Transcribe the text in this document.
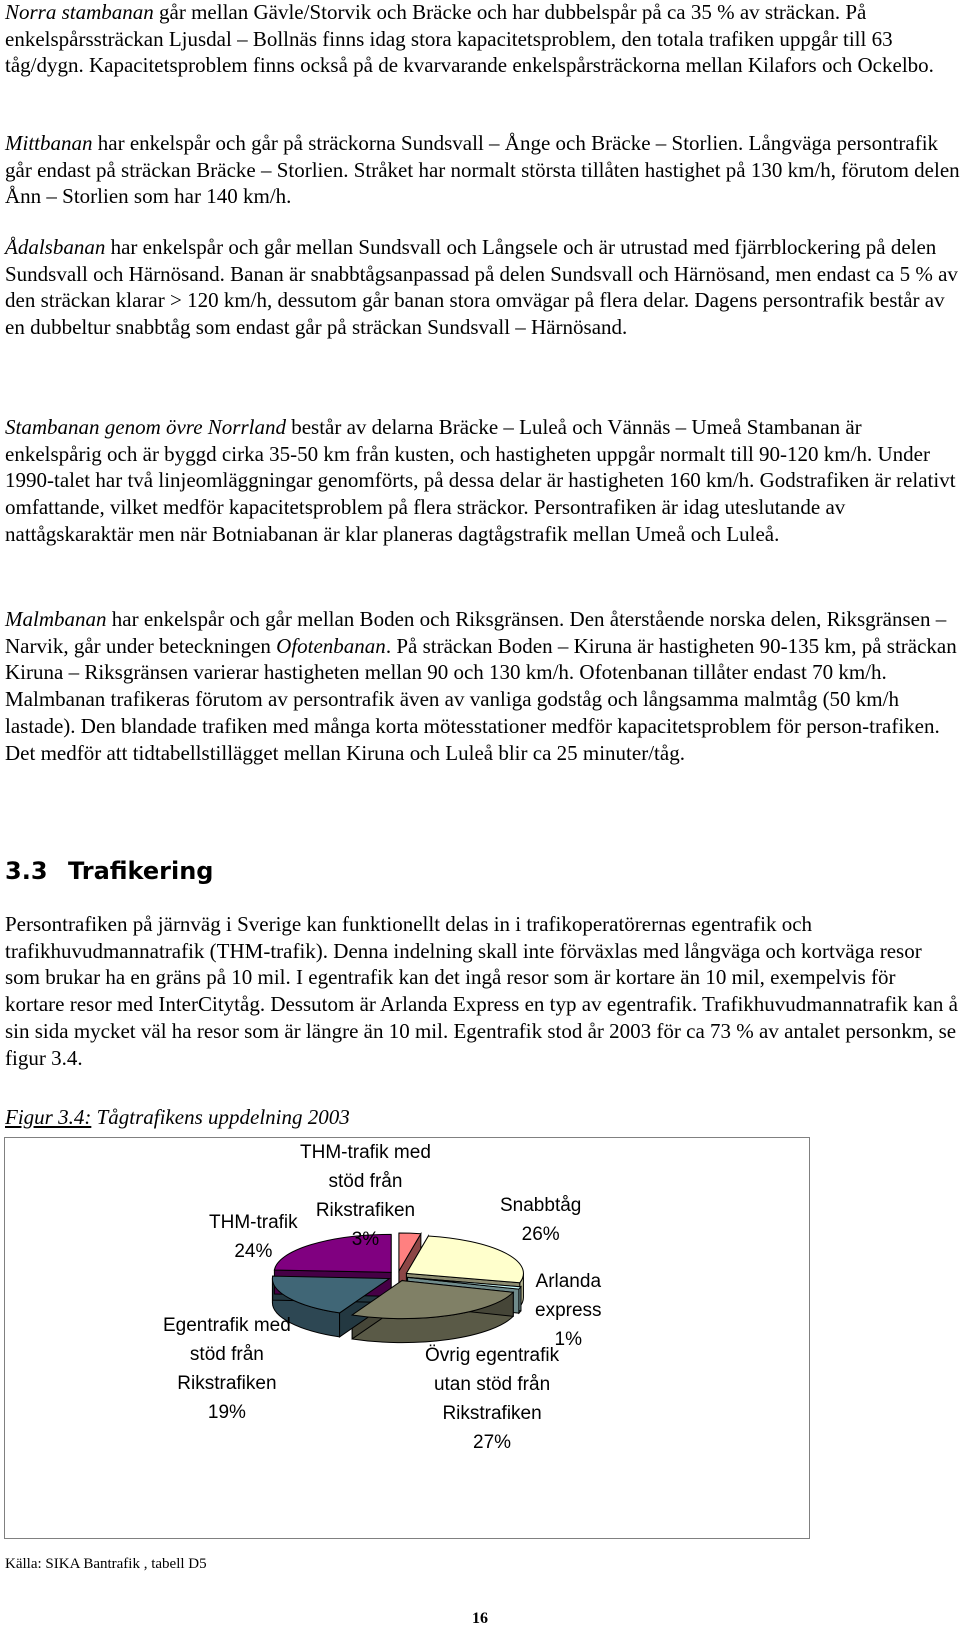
Norra stambanan går mellan Gävle/Storvik och Bräcke och har dubbelspår på ca 35 % av sträckan. På enkelspårssträckan Ljusdal – Bollnäs finns idag stora kapacitetsproblem, den totala trafiken uppgår till 63 tåg/dygn. Kapacitetsproblem finns också på de kvarvarande enkelspårsträckorna mellan Kilafors och Ockelbo.

Mittbanan har enkelspår och går på sträckorna Sundsvall – Ånge och Bräcke – Storlien. Långväga persontrafik går endast på sträckan Bräcke – Storlien. Stråket har normalt största tillåten hastighet på 130 km/h, förutom delen Ånn – Storlien som har 140 km/h.

Ådalsbanan har enkelspår och går mellan Sundsvall och Långsele och är utrustad med fjärrblockering på delen Sundsvall och Härnösand. Banan är snabbtågsanpassad på delen Sundsvall och Härnösand, men endast ca 5 % av den sträckan klarar > 120 km/h, dessutom går banan stora omvägar på flera delar. Dagens persontrafik består av en dubbeltur snabbtåg som endast går på sträckan Sundsvall – Härnösand.

Stambanan genom övre Norrland består av delarna Bräcke – Luleå och Vännäs – Umeå Stambanan är enkelspårig och är byggd cirka 35-50 km från kusten, och hastigheten uppgår normalt till 90-120 km/h. Under 1990-talet har två linjeomläggningar genomförts, på dessa delar är hastigheten 160 km/h. Godstrafiken är relativt omfattande, vilket medför kapacitetsproblem på flera sträckor. Persontrafiken är idag uteslutande av nattågskaraktär men när Botniabanan är klar planeras dagtågstrafik mellan Umeå och Luleå.

Malmbanan har enkelspår och går mellan Boden och Riksgränsen. Den återstående norska delen, Riksgränsen – Narvik, går under beteckningen Ofotenbanan. På sträckan Boden – Kiruna är hastigheten 90-135 km, på sträckan Kiruna – Riksgränsen varierar hastigheten mellan 90 och 130 km/h. Ofotenbanan tillåter endast 70 km/h. Malmbanan trafikeras förutom av persontrafik även av vanliga godståg och långsamma malmtåg (50 km/h lastade). Den blandade trafiken med många korta mötesstationer medför kapacitetsproblem för person-trafiken. Det medför att tidtabellstillägget mellan Kiruna och Luleå blir ca 25 minuter/tåg.

3.3 Trafikering

Persontrafiken på järnväg i Sverige kan funktionellt delas in i trafikoperatörernas egentrafik och trafikhuvudmannatrafik (THM-trafik). Denna indelning skall inte förväxlas med långväga och kortväga resor som brukar ha en gräns på 10 mil. I egentrafik kan det ingå resor som är kortare än 10 mil, exempelvis för kortare resor med InterCitytåg. Dessutom är Arlanda Express en typ av egentrafik. Trafikhuvudmannatrafik kan å sin sida mycket väl ha resor som är längre än 10 mil. Egentrafik stod år 2003 för ca 73 % av antalet personkm, se figur 3.4.

Figur 3.4: Tågtrafikens uppdelning 2003
THM-trafik med
stöd från
Rikstrafiken
3%
Snabbtåg
26%
Arlanda
express
1%
Övrig egentrafik
utan stöd från
Rikstrafiken
27%
Egentrafik med
stöd från
Rikstrafiken
19%
THM-trafik
24%
Källa: SIKA Bantrafik , tabell D5
16
